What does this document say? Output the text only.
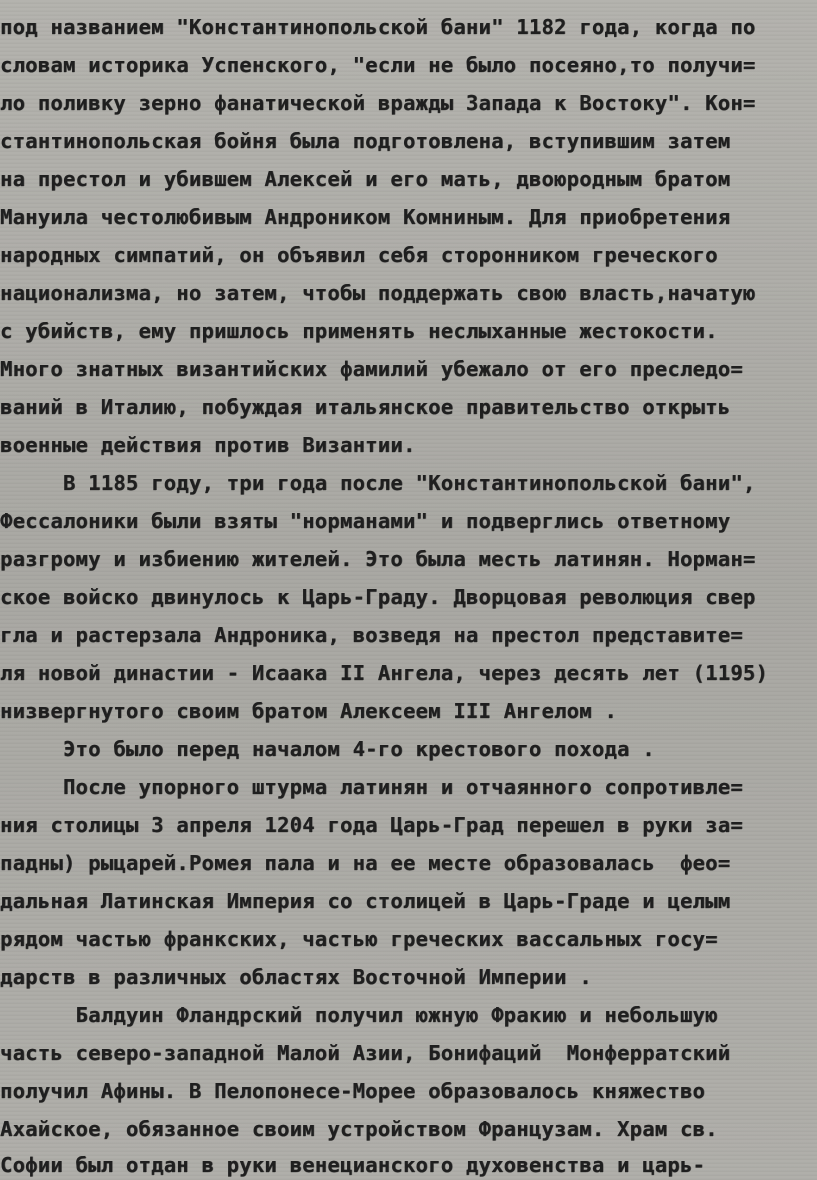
под названием "Константинопольской бани" 1182 года, когда по
словам историка Успенского, "если не было посеяно,то получи=
ло поливку зерно фанатической вражды Запада к Востоку". Кон=
стантинопольская бойня была подготовлена, вступившим затем
на престол и убившем Алексей и его мать, двоюродным братом
Мануила честолюбивым Андроником Комниным. Для приобретения
народных симпатий, он объявил себя сторонником греческого
национализма, но затем, чтобы поддержать свою власть,начатую
с убийств, ему пришлось применять неслыханные жестокости.
Много знатных византийских фамилий убежало от его преследо=
ваний в Италию, побуждая итальянское правительство открыть
военные действия против Византии.
В 1185 году, три года после "Константинопольской бани",
Фессалоники были взяты "норманами" и подверглись ответному
разгрому и избиению жителей. Это была месть латинян. Норман=
ское войско двинулось к Царь-Граду. Дворцовая революция свер
гла и растерзала Андроника, возведя на престол представите=
ля новой династии - Исаака II Ангела, через десять лет (1195)
низвергнутого своим братом Алексеем III Ангелом .
Это было перед началом 4-го крестового похода .
После упорного штурма латинян и отчаянного сопротивле=
ния столицы 3 апреля 1204 года Царь-Град перешел в руки за=
падны) рыцарей.Ромея пала и на ее месте образовалась  фео=
дальная Латинская Империя со столицей в Царь-Граде и целым
рядом частью франкских, частью греческих вассальных госу=
дарств в различных областях Восточной Империи .
Балдуин Фландрский получил южную Фракию и небольшую
часть северо-западной Малой Азии, Бонифаций  Монферратский
получил Афины. В Пелопонесе-Морее образовалось княжество
Ахайское, обязанное своим устройством Французам. Храм св.
Софии был отдан в руки венецианского духовенства и царь-
